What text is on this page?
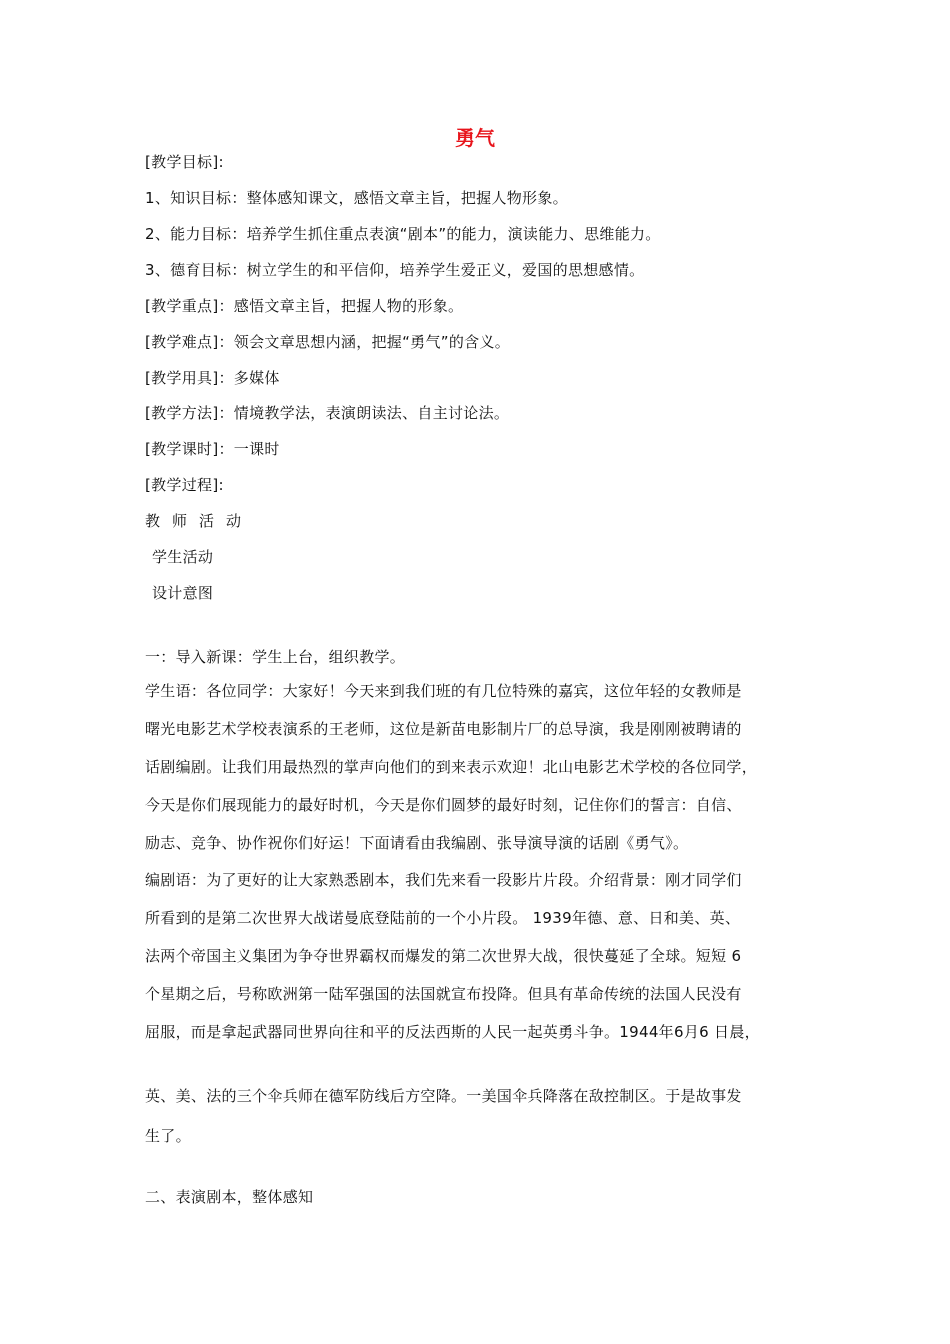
勇气
[教学目标]:
1、知识目标：整体感知课文，感悟文章主旨，把握人物形象。
2、能力目标：培养学生抓住重点表演“剧本”的能力，演读能力、思维能力。
3、德育目标：树立学生的和平信仰，培养学生爱正义，爱国的思想感情。
[教学重点]：感悟文章主旨，把握人物的形象。
[教学难点]：领会文章思想内涵，把握“勇气”的含义。
[教学用具]：多媒体
[教学方法]：情境教学法，表演朗读法、自主讨论法。
[教学课时]：一课时
[教学过程]:
教师活动
学生活动
设计意图
一：导入新课：学生上台，组织教学。
学生语：各位同学：大家好！今天来到我们班的有几位特殊的嘉宾，这位年轻的女教师是
曙光电影艺术学校表演系的王老师，这位是新苗电影制片厂的总导演，我是刚刚被聘请的
话剧编剧。让我们用最热烈的掌声向他们的到来表示欢迎！北山电影艺术学校的各位同学，
今天是你们展现能力的最好时机，今天是你们圆梦的最好时刻，记住你们的誓言：自信、
励志、竞争、协作祝你们好运！下面请看由我编剧、张导演导演的话剧《勇气》。
编剧语：为了更好的让大家熟悉剧本，我们先来看一段影片片段。介绍背景：刚才同学们
所看到的是第二次世界大战诺曼底登陆前的一个小片段。 1939年德、意、日和美、英、
法两个帝国主义集团为争夺世界霸权而爆发的第二次世界大战，很快蔓延了全球。短短 6
个星期之后，号称欧洲第一陆军强国的法国就宣布投降。但具有革命传统的法国人民没有
屈服，而是拿起武器同世界向往和平的反法西斯的人民一起英勇斗争。1944年6月6 日晨，
英、美、法的三个伞兵师在德军防线后方空降。一美国伞兵降落在敌控制区。于是故事发
生了。
二、表演剧本，整体感知
